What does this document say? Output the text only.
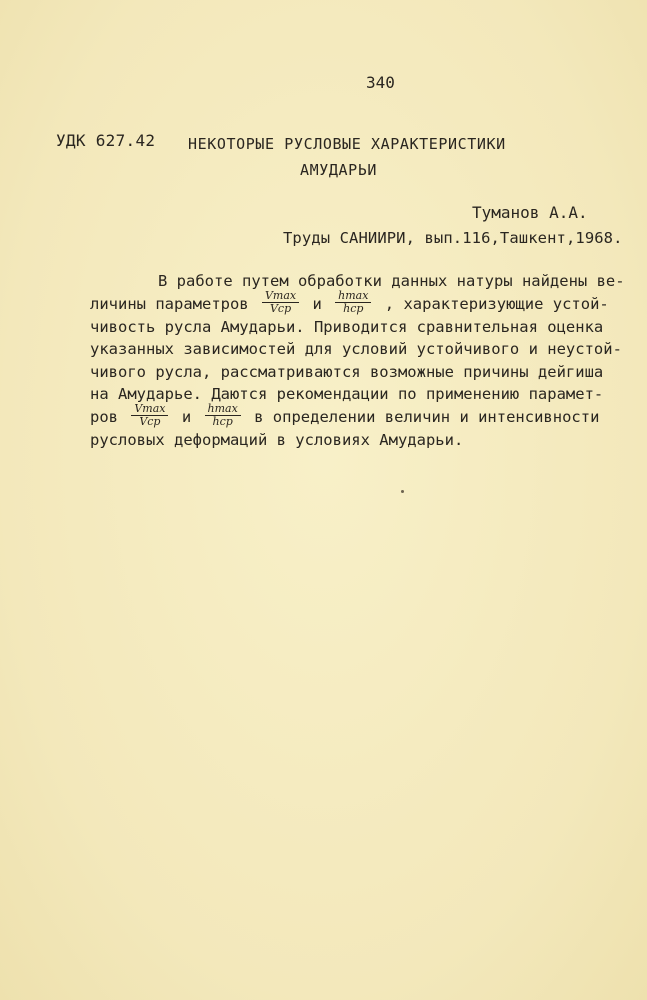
340
УДК 627.42 НЕКОТОРЫЕ РУСЛОВЫЕ ХАРАКТЕРИСТИКИ
АМУДАРЬИ
Туманов А.А.
Труды САНИИРИ, вып.116,Ташкент,1968.
В работе путем обработки данных натуры найдены ве-
личины параметров $\frac{Vmax}{\text{Vср}}$ и $\frac{hmax}{\text{hср}}$ , характеризующие устой-
чивость русла Амударьи. Приводится сравнительная оценка
указанных зависимостей для условий устойчивого и неустой-
чивого русла, рассматриваются возможные причины дейгиша
на Амударье. Даются рекомендации по применению парамет-
ров $\frac{Vmax}{\text{Vср}}$ и $\frac{hmax}{\text{hср}}$ в определении величин и интенсивности
русловых деформаций в условиях Амударьи.
